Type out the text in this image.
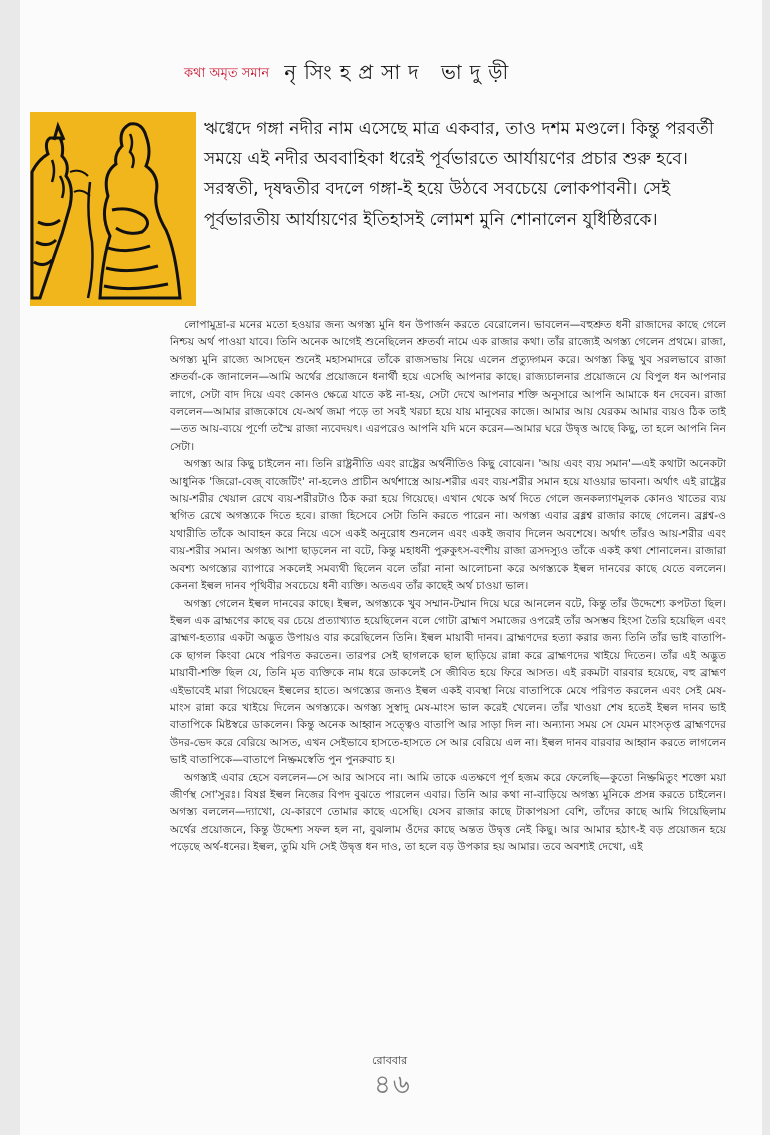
কথা অমৃত সমান নৃসিংহপ্রসাদ ভাদুড়ী

ঋগ্বেদে গঙ্গা নদীর নাম এসেছে মাত্র একবার, তাও দশম মণ্ডলে। কিন্তু পরবর্তী সময়ে এই নদীর অববাহিকা ধরেই পূর্বভারতে আর্যায়ণের প্রচার শুরু হবে। সরস্বতী, দৃষদ্বতীর বদলে গঙ্গা-ই হয়ে উঠবে সবচেয়ে লোকপাবনী। সেই পূর্বভারতীয় আর্যায়ণের ইতিহাসই লোমশ মুনি শোনালেন যুধিষ্ঠিরকে।

লোপামুদ্রা-র মনের মতো হওয়ার জন্য অগস্ত্য মুনি ধন উপার্জন করতে বেরোলেন। ভাবলেন—বহুশ্রুত ধনী রাজাদের কাছে গেলে নিশ্চয় অর্থ পাওয়া যাবে। তিনি অনেক আগেই শুনেছিলেন শ্রুতর্বা নামে এক রাজার কথা। তাঁর রাজ্যেই অগস্ত্য গেলেন প্রথমে। রাজা, অগস্ত্য মুনি রাজ্যে আসছেন শুনেই মহাসমাদরে তাঁকে রাজসভায় নিয়ে এলেন প্রত্যুদ্গমন করে। অগস্ত্য কিছু খুব সরলভাবে রাজা শ্রুতর্বা-কে জানালেন—আমি অর্থের প্রয়োজনে ধনার্থী হয়ে এসেছি আপনার কাছে। রাজ্যচালনার প্রয়োজনে যে বিপুল ধন আপনার লাগে, সেটা বাদ দিয়ে এবং কোনও ক্ষেত্রে যাতে কষ্ট না-হয়, সেটা দেখে আপনার শক্তি অনুসারে আপনি আমাকে ধন দেবেন। রাজা বললেন—আমার রাজকোষে যে-অর্থ জমা পড়ে তা সবই খরচা হয়ে যায় মানুষের কাজে। আমার আয় যেরকম আমার ব্যয়ও ঠিক তাই—তত আয়-ব্যয়ে পূর্ণো তস্মৈ রাজা ন্যবেদয়ৎ। এরপরেও আপনি যদি মনে করেন—আমার ঘরে উদ্বৃত্ত আছে কিছু, তা হলে আপনি নিন সেটা।

অগস্ত্য আর কিছু চাইলেন না। তিনি রাষ্ট্রনীতি এবং রাষ্ট্রের অর্থনীতিও কিছু বোঝেন। 'আয় এবং ব্যয় সমান'—এই কথাটা অনেকটা আধুনিক 'জিরো-বেজ্ বাজেটিং' না-হলেও প্রাচীন অর্থশাস্ত্রে আয়-শরীর এবং ব্যয়-শরীর সমান হয়ে যাওয়ার ভাবনা। অর্থাৎ এই রাষ্ট্রের আয়-শরীর খেয়াল রেখে ব্যয়-শরীরটাও ঠিক করা হয়ে গিয়েছে। এখান থেকে অর্থ দিতে গেলে জনকল্যাণমূলক কোনও খাতের ব্যয় স্থগিত রেখে অগস্ত্যকে দিতে হবে। রাজা হিসেবে সেটা তিনি করতে পারেন না। অগস্ত্য এবার ব্রধ্নশ্ব রাজার কাছে গেলেন। ব্রধ্নশ্ব-ও যথারীতি তাঁকে আবাহন করে নিয়ে এসে একই অনুরোধ শুনলেন এবং একই জবাব দিলেন অবশেষে। অর্থাৎ তাঁরও আয়-শরীর এবং ব্যয়-শরীর সমান। অগস্ত্য আশা ছাড়লেন না বটে, কিন্তু মহাধনী পুরুকুৎস-বংশীয় রাজা ত্রসদস্যুও তাঁকে একই কথা শোনালেন। রাজারা অবশ্য অগস্ত্যের ব্যাপারে সকলেই সমব্যথী ছিলেন বলে তাঁরা নানা আলোচনা করে অগস্ত্যকে ইল্বল দানবের কাছে যেতে বললেন। কেননা ইল্বল দানব পৃথিবীর সবচেয়ে ধনী ব্যক্তি। অতএব তাঁর কাছেই অর্থ চাওয়া ভাল।

অগস্ত্য গেলেন ইল্বল দানবের কাছে। ইল্বল, অগস্ত্যকে খুব সম্মান-টম্মান দিয়ে ঘরে আনলেন বটে, কিন্তু তাঁর উদ্দেশ্যে কপটতা ছিল। ইল্বল এক ব্রাহ্মণের কাছে বর চেয়ে প্রত্যাখ্যাত হয়েছিলেন বলে গোটা ব্রাহ্মণ সমাজের ওপরেই তাঁর অসম্ভব হিংসা তৈরি হয়েছিল এবং ব্রাহ্মণ-হত্যার একটা অদ্ভুত উপায়ও বার করেছিলেন তিনি। ইল্বল মায়াবী দানব। ব্রাহ্মণদের হত্যা করার জন্য তিনি তাঁর ভাই বাতাপি-কে ছাগল কিংবা মেষে পরিণত করতেন। তারপর সেই ছাগলকে ছাল ছাড়িয়ে রান্না করে ব্রাহ্মণদের খাইয়ে দিতেন। তাঁর এই অদ্ভুত মায়াবী-শক্তি ছিল যে, তিনি মৃত ব্যক্তিকে নাম ধরে ডাকলেই সে জীবিত হয়ে ফিরে আসত। এই রকমটা বারবার হয়েছে, বহু ব্রাহ্মণ এইভাবেই মারা গিয়েছেন ইল্বলের হাতে। অগস্ত্যের জন্যও ইল্বল একই ব্যবস্থা নিয়ে বাতাপিকে মেষে পরিণত করলেন এবং সেই মেষ-মাংস রান্না করে খাইয়ে দিলেন অগস্ত্যকে। অগস্ত্য সুস্বাদু মেষ-মাংস ভাল করেই খেলেন। তাঁর খাওয়া শেষ হতেই ইল্বল দানব ভাই বাতাপিকে মিষ্টস্বরে ডাকলেন। কিন্তু অনেক আহ্বান সত্ত্বেও বাতাপি আর সাড়া দিল না। অন্যান্য সময় সে যেমন মাংসতৃপ্ত ব্রাহ্মণদের উদর-ভেদ করে বেরিয়ে আসত, এখন সেইভাবে হাসতে-হাসতে সে আর বেরিয়ে এল না। ইল্বল দানব বারবার আহ্বান করতে লাগলেন ভাই বাতাপিকে—বাতাপে নিষ্ক্রমস্বেতি পুন পুনরুবাচ হ।

অগস্ত্যই এবার হেসে বললেন—সে আর আসবে না। আমি তাকে এতক্ষণে পূর্ণ হজম করে ফেলেছি—কুতো নিষ্ক্রমিতুং শক্তো ময়া জীর্ণস্থ সো'সুরঃ। বিষণ্ণ ইল্বল নিজের বিপদ বুঝতে পারলেন এবার। তিনি আর কথা না-বাড়িয়ে অগস্ত্য মুনিকে প্রসন্ন করতে চাইলেন। অগস্ত্য বললেন—দ্যাখো, যে-কারণে তোমার কাছে এসেছি। যেসব রাজার কাছে টাকাপয়সা বেশি, তাঁদের কাছে আমি গিয়েছিলাম অর্থের প্রয়োজনে, কিন্তু উদ্দেশ্য সফল হল না, বুঝলাম ওঁদের কাছে অন্তত উদ্বৃত্ত নেই কিছু। আর আমার হঠাৎ-ই বড় প্রয়োজন হয়ে পড়েছে অর্থ-ধনের। ইল্বল, তুমি যদি সেই উদ্বৃত্ত ধন দাও, তা হলে বড় উপকার হয় আমার। তবে অবশ্যই দেখো, এই

রোববার
৪৬
